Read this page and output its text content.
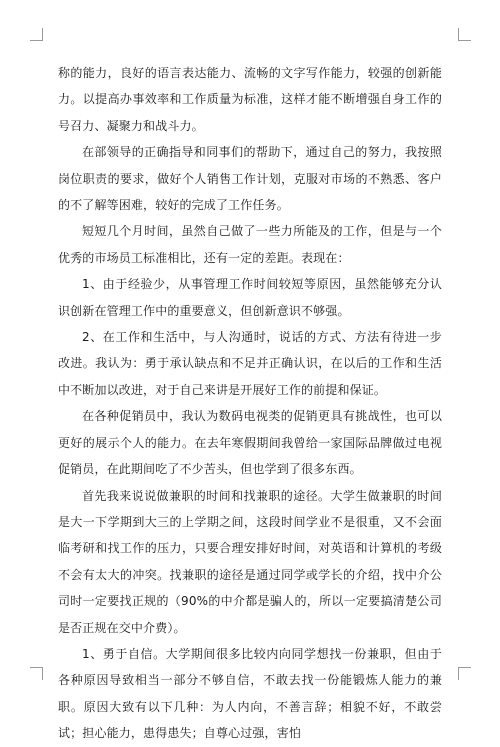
称的能力，良好的语言表达能力、流畅的文字写作能力，较强的创新能力。以提高办事效率和工作质量为标准，这样才能不断增强自身工作的号召力、凝聚力和战斗力。

在部领导的正确指导和同事们的帮助下，通过自己的努力，我按照岗位职责的要求，做好个人销售工作计划，克服对市场的不熟悉、客户的不了解等困难，较好的完成了工作任务。

短短几个月时间，虽然自己做了一些力所能及的工作，但是与一个优秀的市场员工标准相比，还有一定的差距。表现在：

1、由于经验少，从事管理工作时间较短等原因，虽然能够充分认识创新在管理工作中的重要意义，但创新意识不够强。

2、在工作和生活中，与人沟通时，说话的方式、方法有待进一步改进。我认为：勇于承认缺点和不足并正确认识，在以后的工作和生活中不断加以改进，对于自己来讲是开展好工作的前提和保证。

在各种促销员中，我认为数码电视类的促销更具有挑战性，也可以更好的展示个人的能力。在去年寒假期间我曾给一家国际品牌做过电视促销员，在此期间吃了不少苦头，但也学到了很多东西。

首先我来说说做兼职的时间和找兼职的途径。大学生做兼职的时间是大一下学期到大三的上学期之间，这段时间学业不是很重，又不会面临考研和找工作的压力，只要合理安排好时间，对英语和计算机的考级不会有太大的冲突。找兼职的途径是通过同学或学长的介绍，找中介公司时一定要找正规的（90%的中介都是骗人的，所以一定要搞清楚公司是否正规在交中介费）。

1、勇于自信。大学期间很多比较内向同学想找一份兼职，但由于各种原因导致相当一部分不够自信，不敢去找一份能锻炼人能力的兼职。原因大致有以下几种：为人内向，不善言辞；相貌不好，不敢尝试；担心能力，患得患失；自尊心过强，害怕
